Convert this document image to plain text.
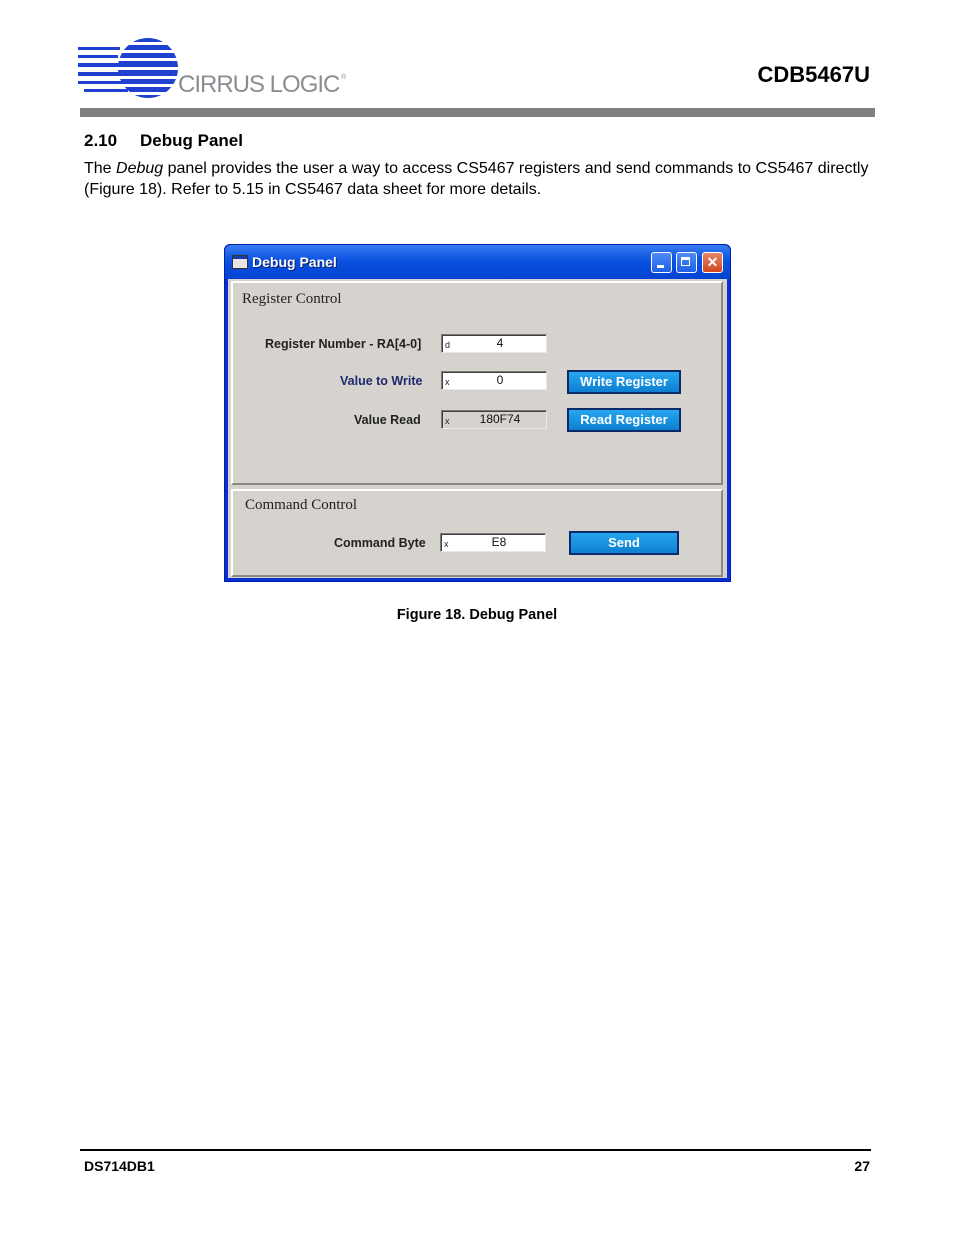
CIRRUS LOGIC ®	CDB5467U
2.10 Debug Panel
The Debug panel provides the user a way to access CS5467 registers and send commands to CS5467 directly (Figure 18). Refer to 5.15 in CS5467 data sheet for more details.
Debug Panel	✕
Register Control
Register Number - RA[4-0]	d	4
Value to Write	x	0	Write Register
Value Read	x	180F74	Read Register
Command Control
Command Byte x	E8	Send
Figure 18. Debug Panel
DS714DB1	27
